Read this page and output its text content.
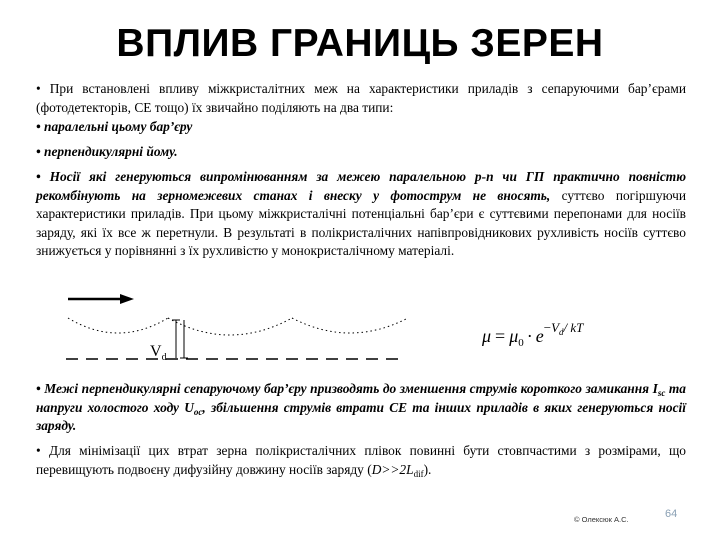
ВПЛИВ ГРАНИЦЬ ЗЕРЕН

• При встановлені впливу міжкристалітних меж на характеристики приладів з сепаруючими бар’єрами (фотодетекторів, СЕ тощо) їх звичайно поділяють на два типи:

• паралельні цьому бар’єру

• перпендикулярні йому.

• Носії які генеруються випромінюванням за межею паралельною p-n чи ГП практично повністю рекомбінують на зерномежевих станах і внеску у фотострум не вносять, суттєво погіршуючи характеристики приладів. При цьому міжкристалічні потенціальні бар’єри є суттєвими перепонами для носіїв заряду, які їх все ж перетнули. В результаті в полікристалічних напівпровідникових рухливість носіїв суттєво знижується у порівнянні з їх рухливістю у монокристалічному матеріалі.

$V_d$
$\mu = \mu_0 \cdot e^-Vd/$ kT

• Межі перпендикулярні сепаруючому бар’єру призводять до зменшення струмів короткого замикання $I_{sc}$ та напруги холостого ходу $U_{oc}$, збільшення струмів втрати СЕ та інших приладів в яких генеруються носії заряду.

• Для мінімізації цих втрат зерна полікристалічних плівок повинні бути стовпчастими з розмірами, що перевищують подвоєну дифузійну довжину носіїв заряду $(D>>2L_{dif})$.

© Олексюк А.С.	64
